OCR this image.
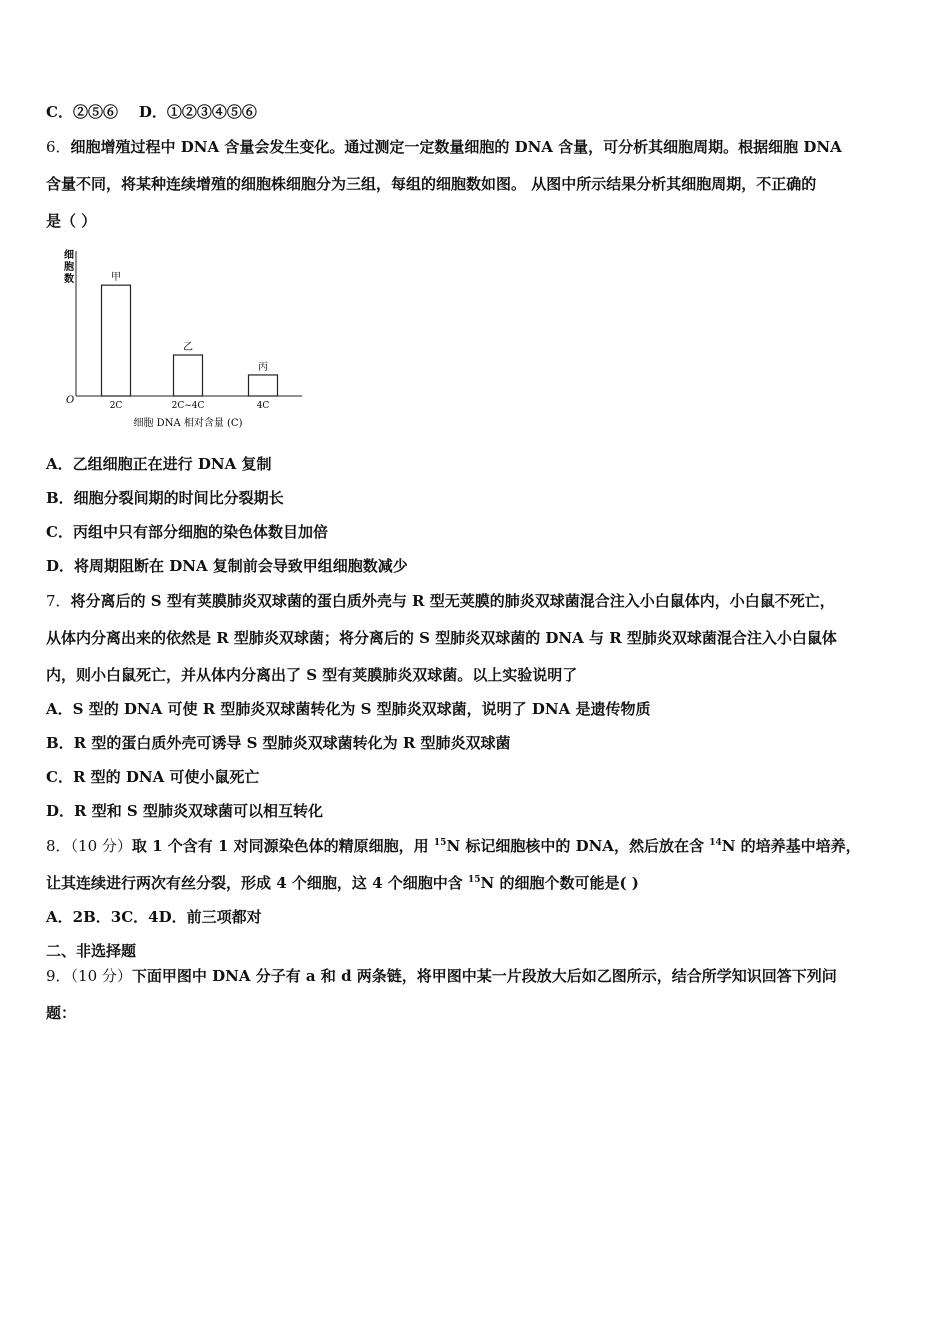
C．②⑤⑥ D．①②③④⑤⑥
6．细胞增殖过程中 DNA 含量会发生变化。通过测定一定数量细胞的 DNA 含量，可分析其细胞周期。根据细胞 DNA
含量不同，将某种连续增殖的细胞株细胞分为三组，每组的细胞数如图。 从图中所示结果分析其细胞周期，不正确的
是（ ）
细
胞
数
O
甲
乙
丙
2C	2C~4C	4C
细胞 DNA 相对含量 (C)
A．乙组细胞正在进行 DNA 复制
B．细胞分裂间期的时间比分裂期长
C．丙组中只有部分细胞的染色体数目加倍
D．将周期阻断在 DNA 复制前会导致甲组细胞数减少
7．将分离后的 S 型有荚膜肺炎双球菌的蛋白质外壳与 R 型无荚膜的肺炎双球菌混合注入小白鼠体内，小白鼠不死亡，
从体内分离出来的依然是 R 型肺炎双球菌；将分离后的 S 型肺炎双球菌的 DNA 与 R 型肺炎双球菌混合注入小白鼠体
内，则小白鼠死亡，并从体内分离出了 S 型有荚膜肺炎双球菌。以上实验说明了
A．S 型的 DNA 可使 R 型肺炎双球菌转化为 S 型肺炎双球菌，说明了 DNA 是遗传物质
B．R 型的蛋白质外壳可诱导 S 型肺炎双球菌转化为 R 型肺炎双球菌
C．R 型的 DNA 可使小鼠死亡
D．R 型和 S 型肺炎双球菌可以相互转化
8．（10 分）取 1 个含有 1 对同源染色体的精原细胞，用 $^{15}$N 标记细胞核中的 DNA，然后放在含 $^{14}$N 的培养基中培养，
让其连续进行两次有丝分裂，形成 4 个细胞，这 4 个细胞中含 $^{15}$N 的细胞个数可能是( )
A．2B．3C．4D．前三项都对
二、非选择题
9．（10 分）下面甲图中 DNA 分子有 a 和 d 两条链，将甲图中某一片段放大后如乙图所示，结合所学知识回答下列问
题：
